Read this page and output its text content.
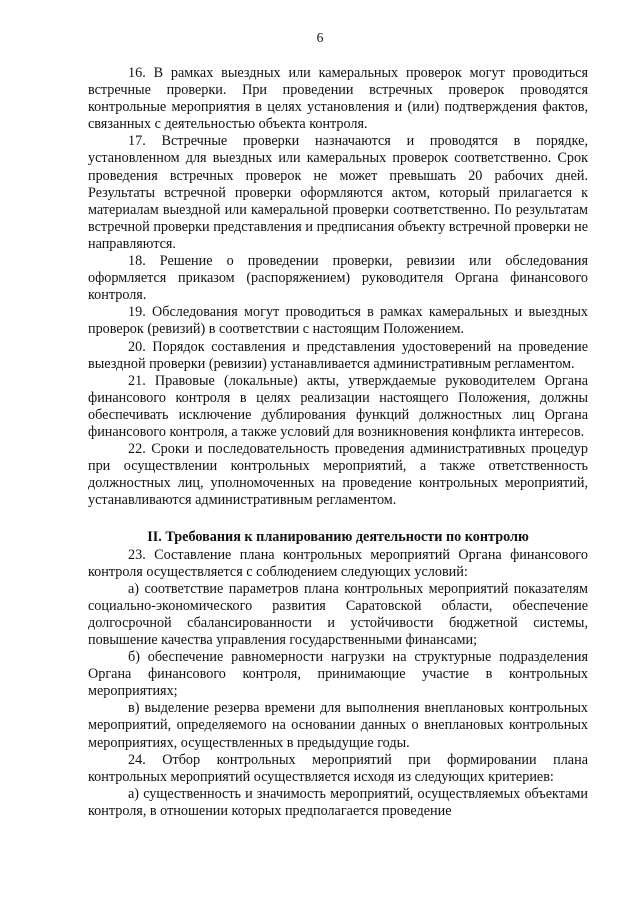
6

16. В рамках выездных или камеральных проверок могут проводиться встречные проверки. При проведении встречных проверок проводятся контрольные мероприятия в целях установления и (или) подтверждения фактов, связанных с деятельностью объекта контроля.

17. Встречные проверки назначаются и проводятся в порядке, установленном для выездных или камеральных проверок соответственно. Срок проведения встречных проверок не может превышать 20 рабочих дней. Результаты встречной проверки оформляются актом, который прилагается к материалам выездной или камеральной проверки соответственно. По результатам встречной проверки представления и предписания объекту встречной проверки не направляются.

18. Решение о проведении проверки, ревизии или обследования оформляется приказом (распоряжением) руководителя Органа финансового контроля.

19. Обследования могут проводиться в рамках камеральных и выездных проверок (ревизий) в соответствии с настоящим Положением.

20. Порядок составления и представления удостоверений на проведение выездной проверки (ревизии) устанавливается административным регламентом.

21. Правовые (локальные) акты, утверждаемые руководителем Органа финансового контроля в целях реализации настоящего Положения, должны обеспечивать исключение дублирования функций должностных лиц Органа финансового контроля, а также условий для возникновения конфликта интересов.

22. Сроки и последовательность проведения административных процедур при осуществлении контрольных мероприятий, а также ответственность должностных лиц, уполномоченных на проведение контрольных мероприятий, устанавливаются административным регламентом.

II. Требования к планированию деятельности по контролю

23. Составление плана контрольных мероприятий Органа финансового контроля осуществляется с соблюдением следующих условий:

а) соответствие параметров плана контрольных мероприятий показателям социально-экономического развития Саратовской области, обеспечение долгосрочной сбалансированности и устойчивости бюджетной системы, повышение качества управления государственными финансами;

б) обеспечение равномерности нагрузки на структурные подразделения Органа финансового контроля, принимающие участие в контрольных мероприятиях;

в) выделение резерва времени для выполнения внеплановых контрольных мероприятий, определяемого на основании данных о внеплановых контрольных мероприятиях, осуществленных в предыдущие годы.

24. Отбор контрольных мероприятий при формировании плана контрольных мероприятий осуществляется исходя из следующих критериев:

а) существенность и значимость мероприятий, осуществляемых объектами контроля, в отношении которых предполагается проведение
